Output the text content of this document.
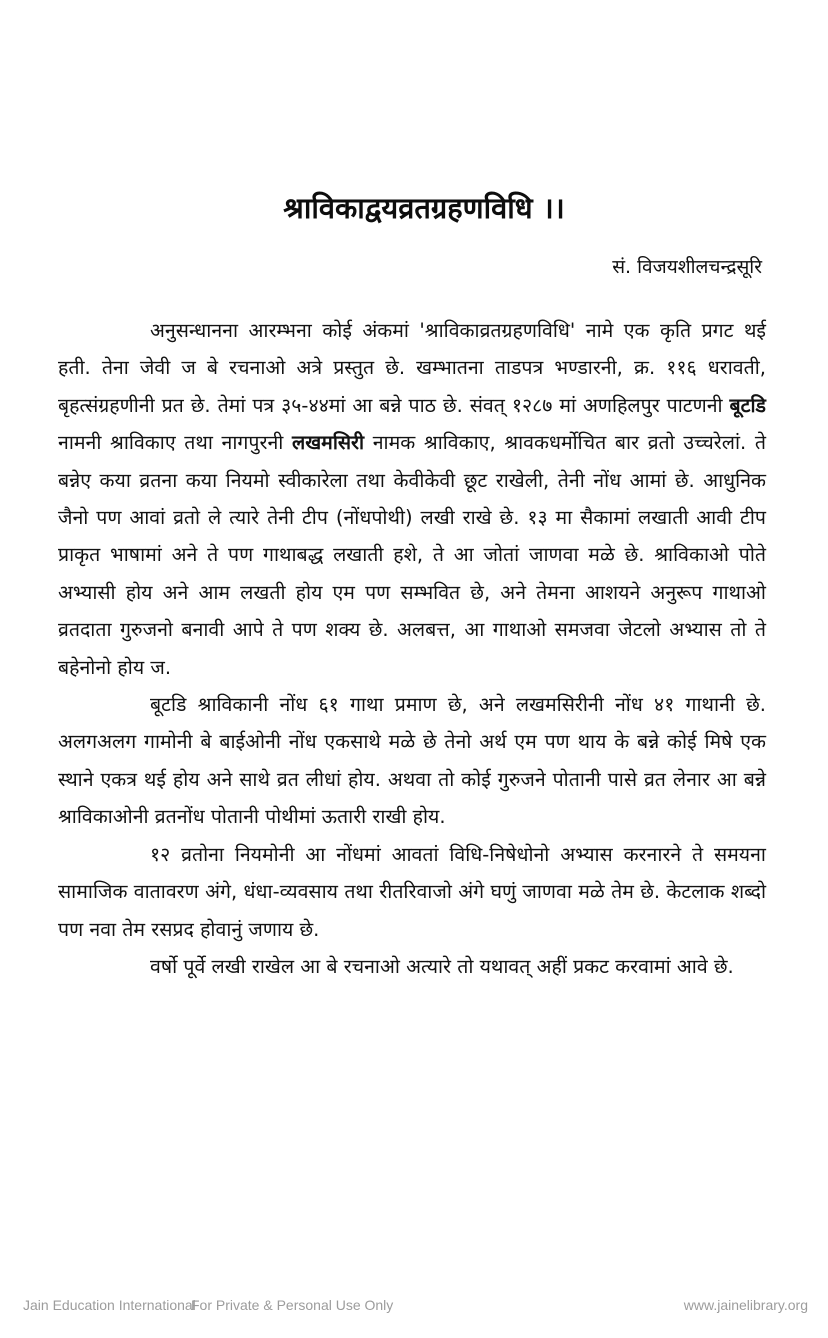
श्राविकाद्वयव्रतग्रहणविधि ।।
सं. विजयशीलचन्द्रसूरि

अनुसन्धानना आरम्भना कोई अंकमां 'श्राविकाव्रतग्रहणविधि' नामे एक कृति प्रगट थई हती. तेना जेवी ज बे रचनाओ अत्रे प्रस्तुत छे. खम्भातना ताडपत्र भण्डारनी, क्र. ११६ धरावती, बृहत्संग्रहणीनी प्रत छे. तेमां पत्र ३५-४४मां आ बन्ने पाठ छे. संवत् १२८७ मां अणहिलपुर पाटणनी बूटडि नामनी श्राविकाए तथा नागपुरनी लखमसिरी नामक श्राविकाए, श्रावकधर्मोचित बार व्रतो उच्चरेलां. ते बन्नेए कया व्रतना कया नियमो स्वीकारेला तथा केवीकेवी छूट राखेली, तेनी नोंध आमां छे. आधुनिक जैनो पण आवां व्रतो ले त्यारे तेनी टीप (नोंधपोथी) लखी राखे छे. १३ मा सैकामां लखाती आवी टीप प्राकृत भाषामां अने ते पण गाथाबद्ध लखाती हशे, ते आ जोतां जाणवा मळे छे. श्राविकाओ पोते अभ्यासी होय अने आम लखती होय एम पण सम्भवित छे, अने तेमना आशयने अनुरूप गाथाओ व्रतदाता गुरुजनो बनावी आपे ते पण शक्य छे. अलबत्त, आ गाथाओ समजवा जेटलो अभ्यास तो ते बहेनोनो होय ज.

बूटडि श्राविकानी नोंध ६१ गाथा प्रमाण छे, अने लखमसिरीनी नोंध ४१ गाथानी छे. अलगअलग गामोनी बे बाईओनी नोंध एकसाथे मळे छे तेनो अर्थ एम पण थाय के बन्ने कोई मिषे एक स्थाने एकत्र थई होय अने साथे व्रत लीधां होय. अथवा तो कोई गुरुजने पोतानी पासे व्रत लेनार आ बन्ने श्राविकाओनी व्रतनोंध पोतानी पोथीमां ऊतारी राखी होय.

१२ व्रतोना नियमोनी आ नोंधमां आवतां विधि-निषेधोनो अभ्यास करनारने ते समयना सामाजिक वातावरण अंगे, धंधा-व्यवसाय तथा रीतरिवाजो अंगे घणुं जाणवा मळे तेम छे. केटलाक शब्दो पण नवा तेम रसप्रद होवानुं जणाय छे.

वर्षो पूर्वे लखी राखेल आ बे रचनाओ अत्यारे तो यथावत् अहीं प्रकट करवामां आवे छे.

Jain Education International
For Private & Personal Use Only	www.jainelibrary.org
